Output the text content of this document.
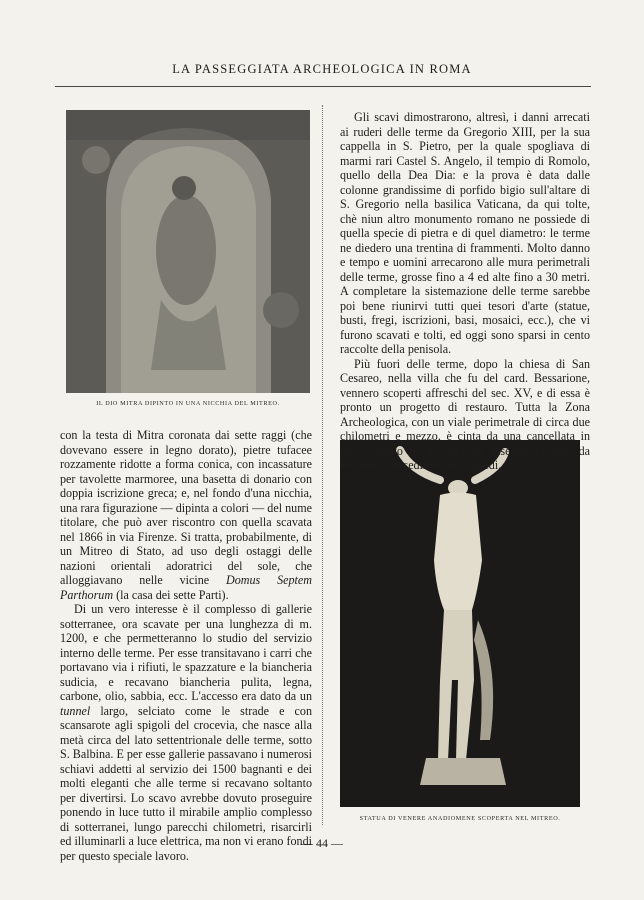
LA PASSEGGIATA ARCHEOLOGICA IN ROMA
IL DIO MITRA DIPINTO IN UNA NICCHIA DEL MITREO.
STATUA DI VENERE ANADIOMENE SCOPERTA NEL MITREO.

Gli scavi dimostrarono, altresì, i danni arrecati ai ruderi delle terme da Gregorio XIII, per la sua cappella in S. Pietro, per la quale spogliava di marmi rari Castel S. Angelo, il tempio di Romolo, quello della Dea Dia: e la prova è data dalle colonne grandissime di porfido bigio sull'altare di S. Gregorio nella basilica Vaticana, da qui tolte, chè niun altro monumento romano ne possiede di quella specie di pietra e di quel diametro: le terme ne diedero una trentina di frammenti. Molto danno e tempo e uomini arrecarono alle mura perimetrali delle terme, grosse fino a 4 ed alte fino a 30 metri. A completare la sistemazione delle terme sarebbe poi bene riunirvi tutti quei tesori d'arte (statue, busti, fregi, iscrizioni, basi, mosaici, ecc.), che vi furono scavati e tolti, ed oggi sono sparsi in cento raccolte della penisola.

Più fuori delle terme, dopo la chiesa di San Cesareo, nella villa che fu del card. Bessarione, vennero scoperti affreschi del sec. XV, e di essa è pronto un progetto di restauro. Tutta la Zona Archeologica, con un viale perimetrale di circa due chilometri e mezzo, è cinta da una cancellata in ferro battuto il cui semplice disegno fu tolto da Pompei, con sedili e marciapiedi.

con la testa di Mitra coronata dai sette raggi (che dovevano essere in legno dorato), pietre tufacee rozzamente ridotte a forma conica, con incassature per tavolette marmoree, una basetta di donario con doppia iscrizione greca; e, nel fondo d'una nicchia, una rara figurazione — dipinta a colori — del nume titolare, che può aver riscontro con quella scavata nel 1866 in via Firenze. Si tratta, probabilmente, di un Mitreo di Stato, ad uso degli ostaggi delle nazioni orientali adoratrici del sole, che alloggiavano nelle vicine Domus Septem Parthorum (la casa dei sette Parti).

Di un vero interesse è il complesso di gallerie sotterranee, ora scavate per una lunghezza di m. 1200, e che permetteranno lo studio del servizio interno delle terme. Per esse transitavano i carri che portavano via i rifiuti, le spazzature e la biancheria sudicia, e recavano biancheria pulita, legna, carbone, olio, sabbia, ecc. L'accesso era dato da un tunnel largo, selciato come le strade e con scansarote agli spigoli del crocevia, che nasce alla metà circa del lato settentrionale delle terme, sotto S. Balbina. E per esse gallerie passavano i numerosi schiavi addetti al servizio dei 1500 bagnanti e dei molti eleganti che alle terme si recavano soltanto per divertirsi. Lo scavo avrebbe dovuto proseguire ponendo in luce tutto il mirabile amplio complesso di sotterranei, lungo parecchi chilometri, risarcirli ed illuminarli a luce elettrica, ma non vi erano fondi per questo speciale lavoro.

— 44 —
